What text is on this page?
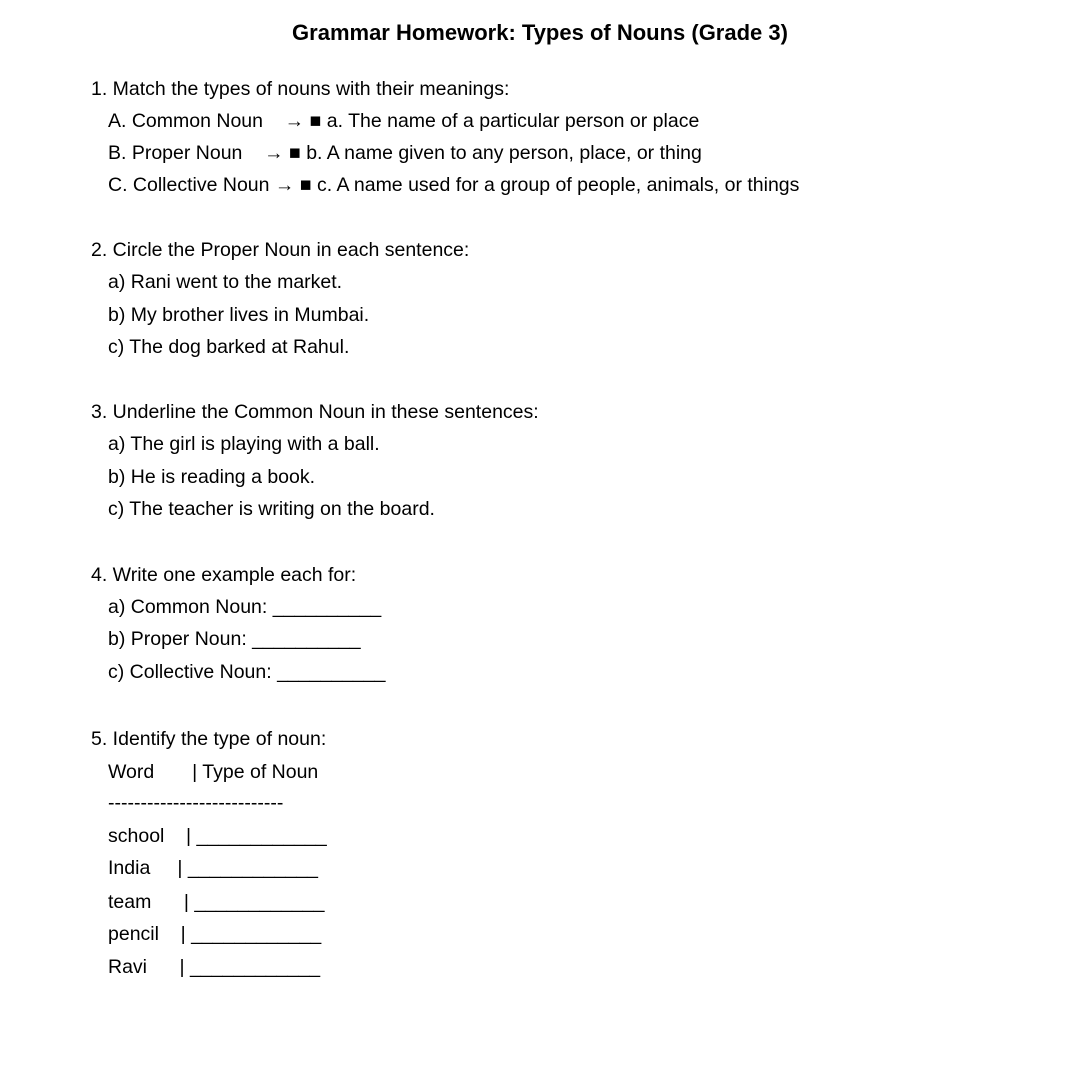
Grammar Homework: Types of Nouns (Grade 3)
1. Match the types of nouns with their meanings:
A. Common Noun    → ■ a. The name of a particular person or place
B. Proper Noun    → ■ b. A name given to any person, place, or thing
C. Collective Noun → ■ c. A name used for a group of people, animals, or things
2. Circle the Proper Noun in each sentence:
a) Rani went to the market.
b) My brother lives in Mumbai.
c) The dog barked at Rahul.
3. Underline the Common Noun in these sentences:
a) The girl is playing with a ball.
b) He is reading a book.
c) The teacher is writing on the board.
4. Write one example each for:
a) Common Noun: __________
b) Proper Noun: __________
c) Collective Noun: __________
5. Identify the type of noun:
Word       | Type of Noun
---------------------------
school    | ____________
India     | ____________
team      | ____________
pencil    | ____________
Ravi      | ____________
